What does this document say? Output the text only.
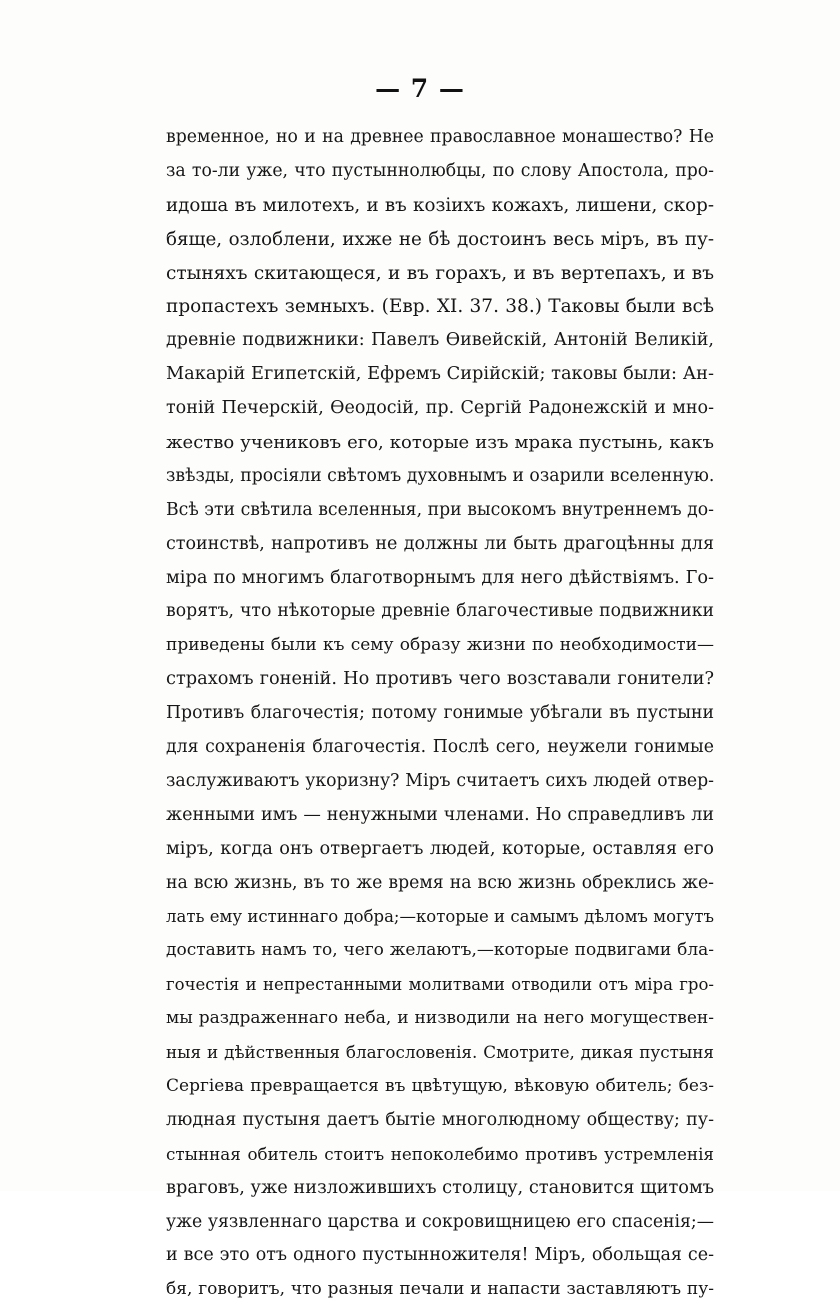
— 7 —
временное, но и на древнее православное монашество? Не
за то-ли уже, что пустыннолюбцы, по слову Апостола, про-
идоша въ милотехъ, и въ козiихъ кожахъ, лишени, скор-
бяще, озлоблени, ихже не бѣ достоинъ весь мiръ, въ пу-
стыняхъ скитающеся, и въ горахъ, и въ вертепахъ, и въ
пропастехъ земныхъ. (Евр. XI. 37. 38.) Таковы были всѣ
древнiе подвижники: Павелъ Ѳивейскiй, Антонiй Великiй,
Макарiй Египетскiй, Ефремъ Сирiйскiй; таковы были: Ан-
тонiй Печерскiй, Ѳеодосiй, пр. Сергiй Радонежскiй и мно-
жество учениковъ его, которые изъ мрака пустынь, какъ
звѣзды, просiяли свѣтомъ духовнымъ и озарили вселенную.
Всѣ эти свѣтила вселенныя, при высокомъ внутреннемъ до-
стоинствѣ, напротивъ не должны ли быть драгоцѣнны для
мiра по многимъ благотворнымъ для него дѣйствiямъ. Го-
ворятъ, что нѣкоторые древнiе благочестивые подвижники
приведены были къ сему образу жизни по необходимости—
страхомъ гоненiй. Но противъ чего возставали гонители?
Противъ благочестiя; потому гонимые убѣгали въ пустыни
для сохраненiя благочестiя. Послѣ сего, неужели гонимые
заслуживаютъ укоризну? Мiръ считаетъ сихъ людей отвер-
женными имъ — ненужными членами. Но справедливъ ли
мiръ, когда онъ отвергаетъ людей, которые, оставляя его
на всю жизнь, въ то же время на всю жизнь обреклись же-
лать ему истиннаго добра;—которые и самымъ дѣломъ могутъ
доставить намъ то, чего желаютъ,—которые подвигами бла-
гочестiя и непрестанными молитвами отводили отъ мiра гро-
мы раздраженнаго неба, и низводили на него могуществен-
ныя и дѣйственныя благословенiя. Смотрите, дикая пустыня
Сергiева превращается въ цвѣтущую, вѣковую обитель; без-
людная пустыня даетъ бытiе многолюдному обществу; пу-
стынная обитель стоитъ непоколебимо противъ устремленiя
враговъ, уже низложившихъ столицу, становится щитомъ
уже уязвленнаго царства и сокровищницею его спасенiя;—
и все это отъ одного пустынножителя! Мiръ, обольщая се-
бя, говоритъ, что разныя печали и напасти заставляютъ пу-
